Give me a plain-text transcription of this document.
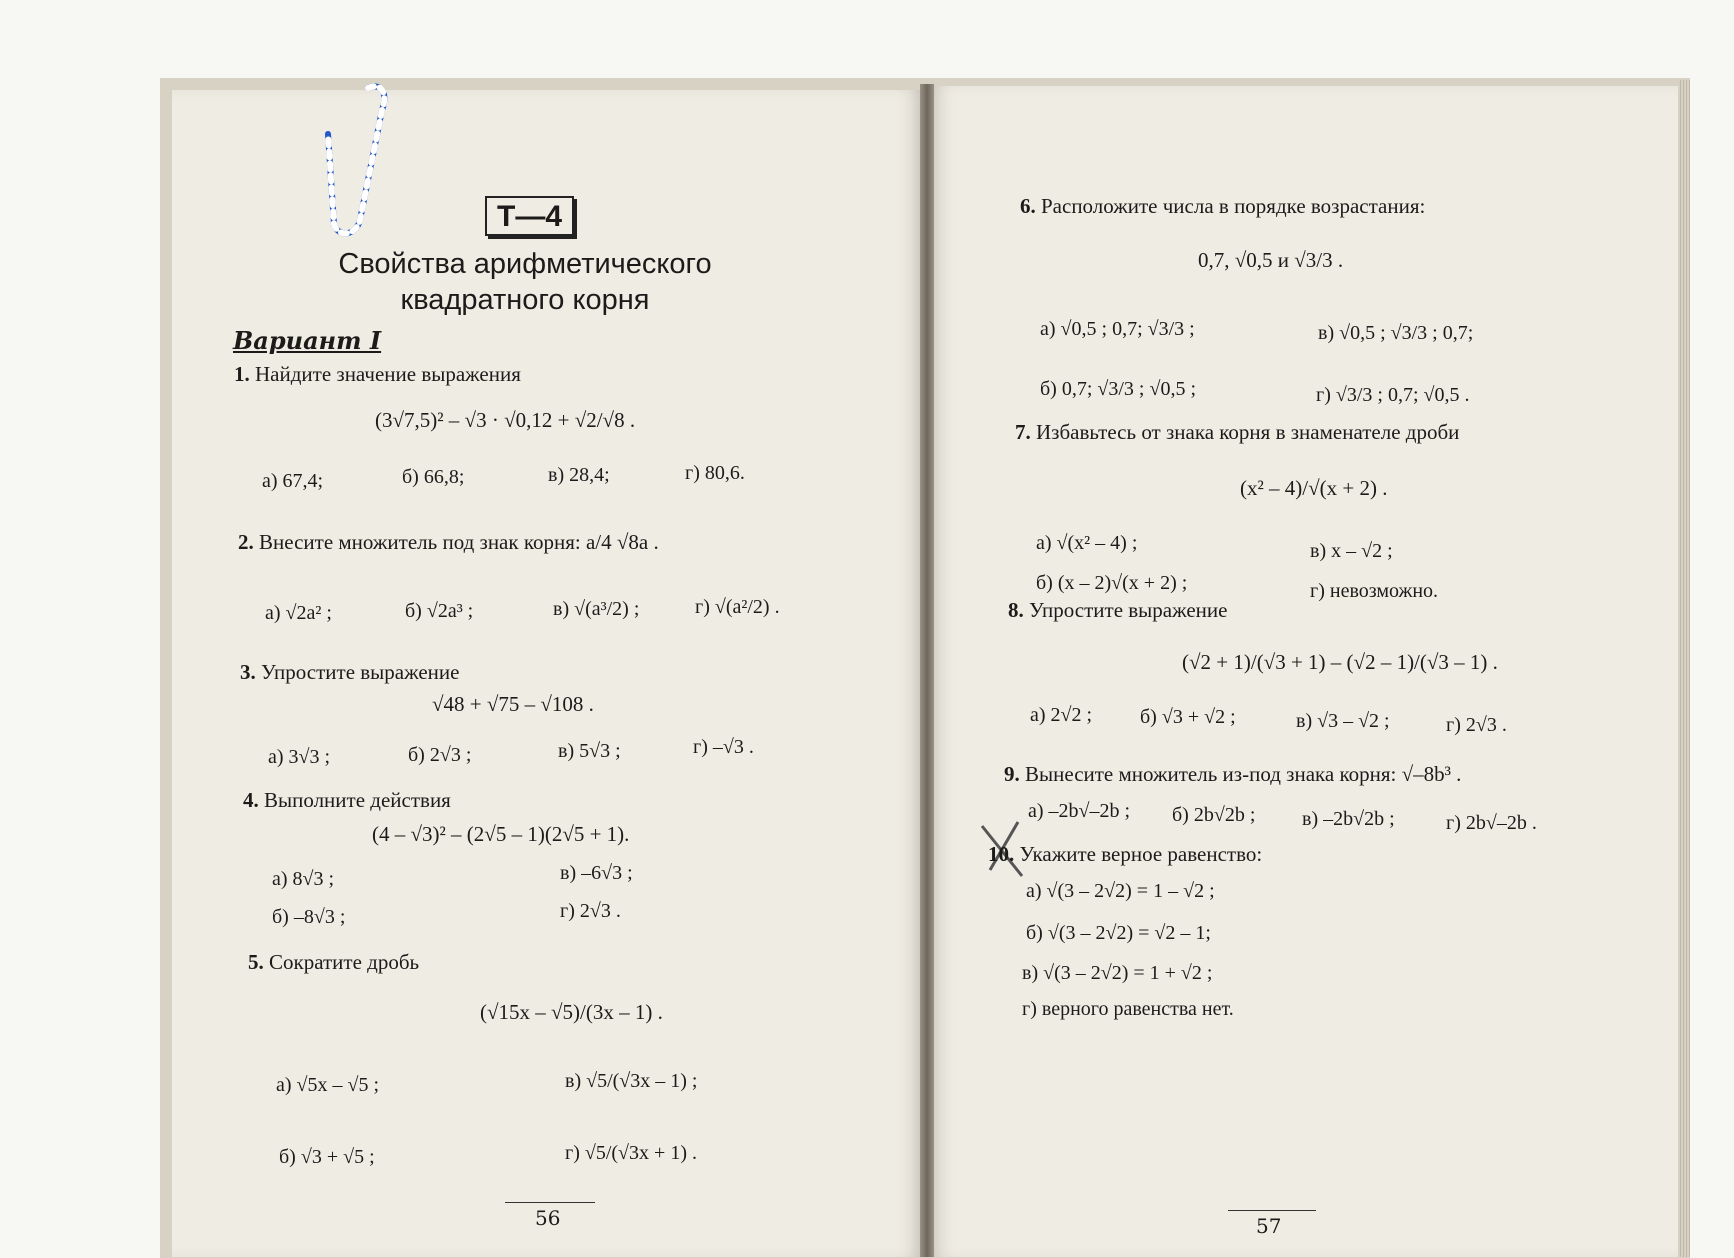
Т—4
Свойства арифметического
квадратного корня
Вариант I
1. Найдите значение выражения
(3√7,5)² – √3 · √0,12 + √2/√8 .
а) 67,4;	б) 66,8;	в) 28,4;	г) 80,6.
2. Внесите множитель под знак корня: a/4 √8a .
а) √2a² ;	б) √2a³ ;	в) √(a³/2) ;	г) √(a²/2) .
3. Упростите выражение
√48 + √75 – √108 .
а) 3√3 ;	б) 2√3 ;	в) 5√3 ;	г) –√3 .
4. Выполните действия
(4 – √3)² – (2√5 – 1)(2√5 + 1).
а) 8√3 ;	в) –6√3 ;
б) –8√3 ;	г) 2√3 .
5. Сократите дробь
(√15x – √5)/(3x – 1) .
а) √5x – √5 ;	в) √5/(√3x – 1) ;
б) √3 + √5 ;	г) √5/(√3x + 1) .
56
6. Расположите числа в порядке возрастания:
0,7, √0,5 и √3/3 .
а) √0,5 ; 0,7; √3/3 ;	в) √0,5 ; √3/3 ; 0,7;
б) 0,7; √3/3 ; √0,5 ;	г) √3/3 ; 0,7; √0,5 .
7. Избавьтесь от знака корня в знаменателе дроби
(x² – 4)/√(x + 2) .
а) √(x² – 4) ;	в) x – √2 ;
б) (x – 2)√(x + 2) ;	г) невозможно.
8. Упростите выражение
(√2 + 1)/(√3 + 1) – (√2 – 1)/(√3 – 1) .
а) 2√2 ; б) √3 + √2 ;	в) √3 – √2 ;	г) 2√3 .
9. Вынесите множитель из-под знака корня: √–8b³ .
а) –2b√–2b ; б) 2b√2b ; в) –2b√2b ;	г) 2b√–2b .
10. Укажите верное равенство:
а) √(3 – 2√2) = 1 – √2 ;
б) √(3 – 2√2) = √2 – 1;
в) √(3 – 2√2) = 1 + √2 ;
г) верного равенства нет.
57
